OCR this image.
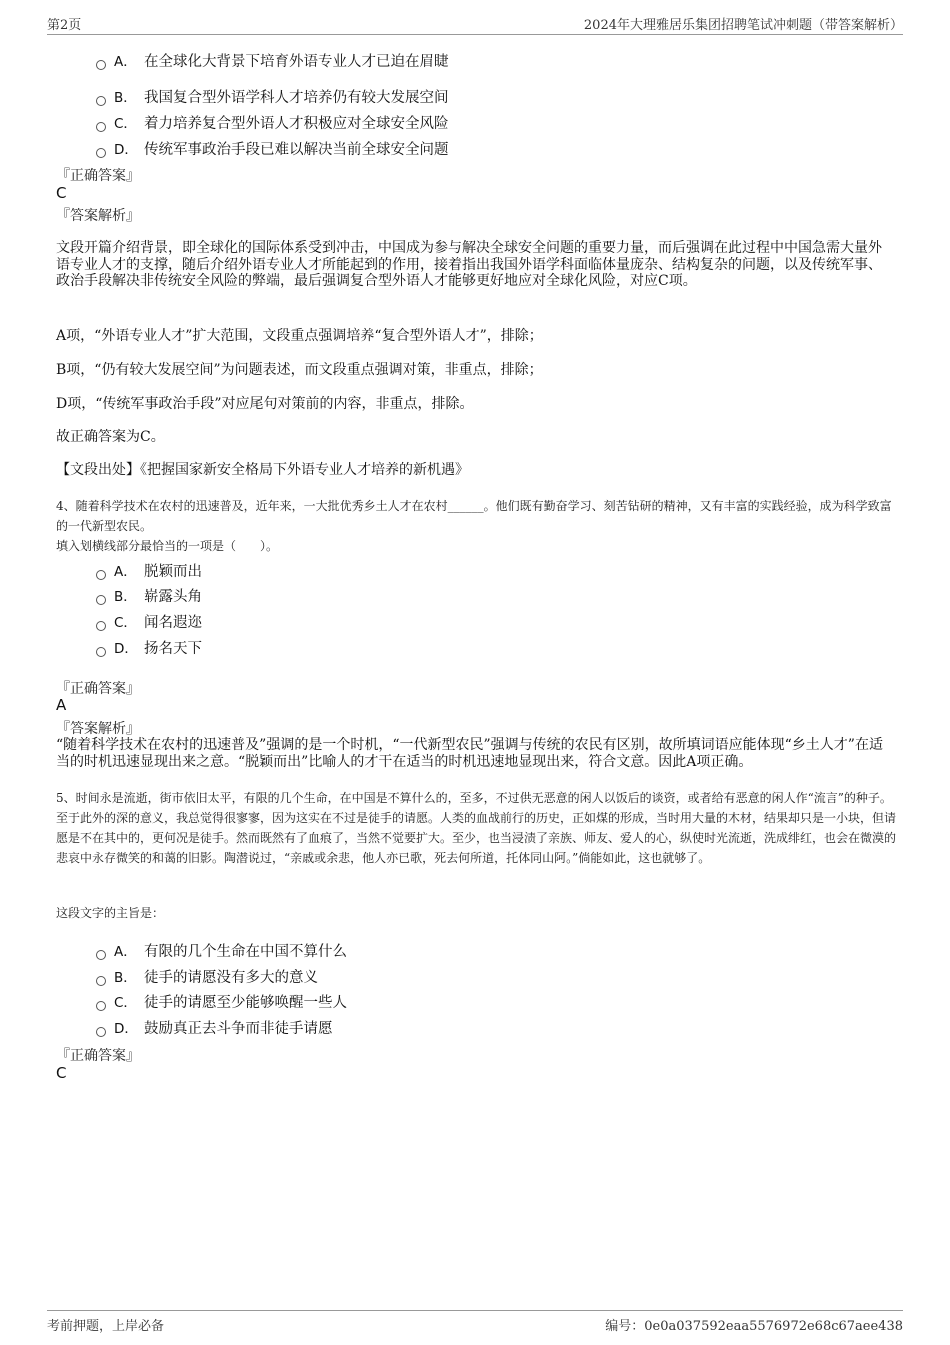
第2页	2024年大理雅居乐集团招聘笔试冲刺题（带答案解析）
A． 在全球化大背景下培育外语专业人才已迫在眉睫
B． 我国复合型外语学科人才培养仍有较大发展空间
C． 着力培养复合型外语人才积极应对全球安全风险
D． 传统军事政治手段已难以解决当前全球安全问题
『正确答案』
C
『答案解析』
文段开篇介绍背景，即全球化的国际体系受到冲击，中国成为参与解决全球安全问题的重要力量，而后强调在此过程中中国急需大量外语专业人才的支撑，随后介绍外语专业人才所能起到的作用，接着指出我国外语学科面临体量庞杂、结构复杂的问题，以及传统军事、政治手段解决非传统安全风险的弊端，最后强调复合型外语人才能够更好地应对全球化风险，对应C项。
A项，“外语专业人才”扩大范围，文段重点强调培养“复合型外语人才”，排除；
B项，“仍有较大发展空间”为问题表述，而文段重点强调对策，非重点，排除；
D项，“传统军事政治手段”对应尾句对策前的内容，非重点，排除。
故正确答案为C。
【文段出处】《把握国家新安全格局下外语专业人才培养的新机遇》
4、随着科学技术在农村的迅速普及，近年来，一大批优秀乡土人才在农村______。他们既有勤奋学习、刻苦钻研的精神，又有丰富的实践经验，成为科学致富的一代新型农民。
填入划横线部分最恰当的一项是（　　）。
A． 脱颖而出
B． 崭露头角
C． 闻名遐迩
D． 扬名天下
『正确答案』
A
『答案解析』
“随着科学技术在农村的迅速普及”强调的是一个时机，“一代新型农民”强调与传统的农民有区别，故所填词语应能体现“乡土人才”在适当的时机迅速显现出来之意。“脱颖而出”比喻人的才干在适当的时机迅速地显现出来，符合文意。因此A项正确。
5、时间永是流逝，街市依旧太平，有限的几个生命，在中国是不算什么的，至多，不过供无恶意的闲人以饭后的谈资，或者给有恶意的闲人作“流言”的种子。至于此外的深的意义，我总觉得很寥寥，因为这实在不过是徒手的请愿。人类的血战前行的历史，正如煤的形成，当时用大量的木材，结果却只是一小块，但请愿是不在其中的，更何况是徒手。然而既然有了血痕了，当然不觉要扩大。至少，也当浸渍了亲族、师友、爱人的心，纵使时光流逝，洗成绯红，也会在微漠的悲哀中永存微笑的和蔼的旧影。陶潜说过，“亲戚或余悲，他人亦已歌，死去何所道，托体同山阿。”倘能如此，这也就够了。
这段文字的主旨是：
A． 有限的几个生命在中国不算什么
B． 徒手的请愿没有多大的意义
C． 徒手的请愿至少能够唤醒一些人
D． 鼓励真正去斗争而非徒手请愿
『正确答案』
C
考前押题，上岸必备	编号：0e0a037592eaa5576972e68c67aee438
